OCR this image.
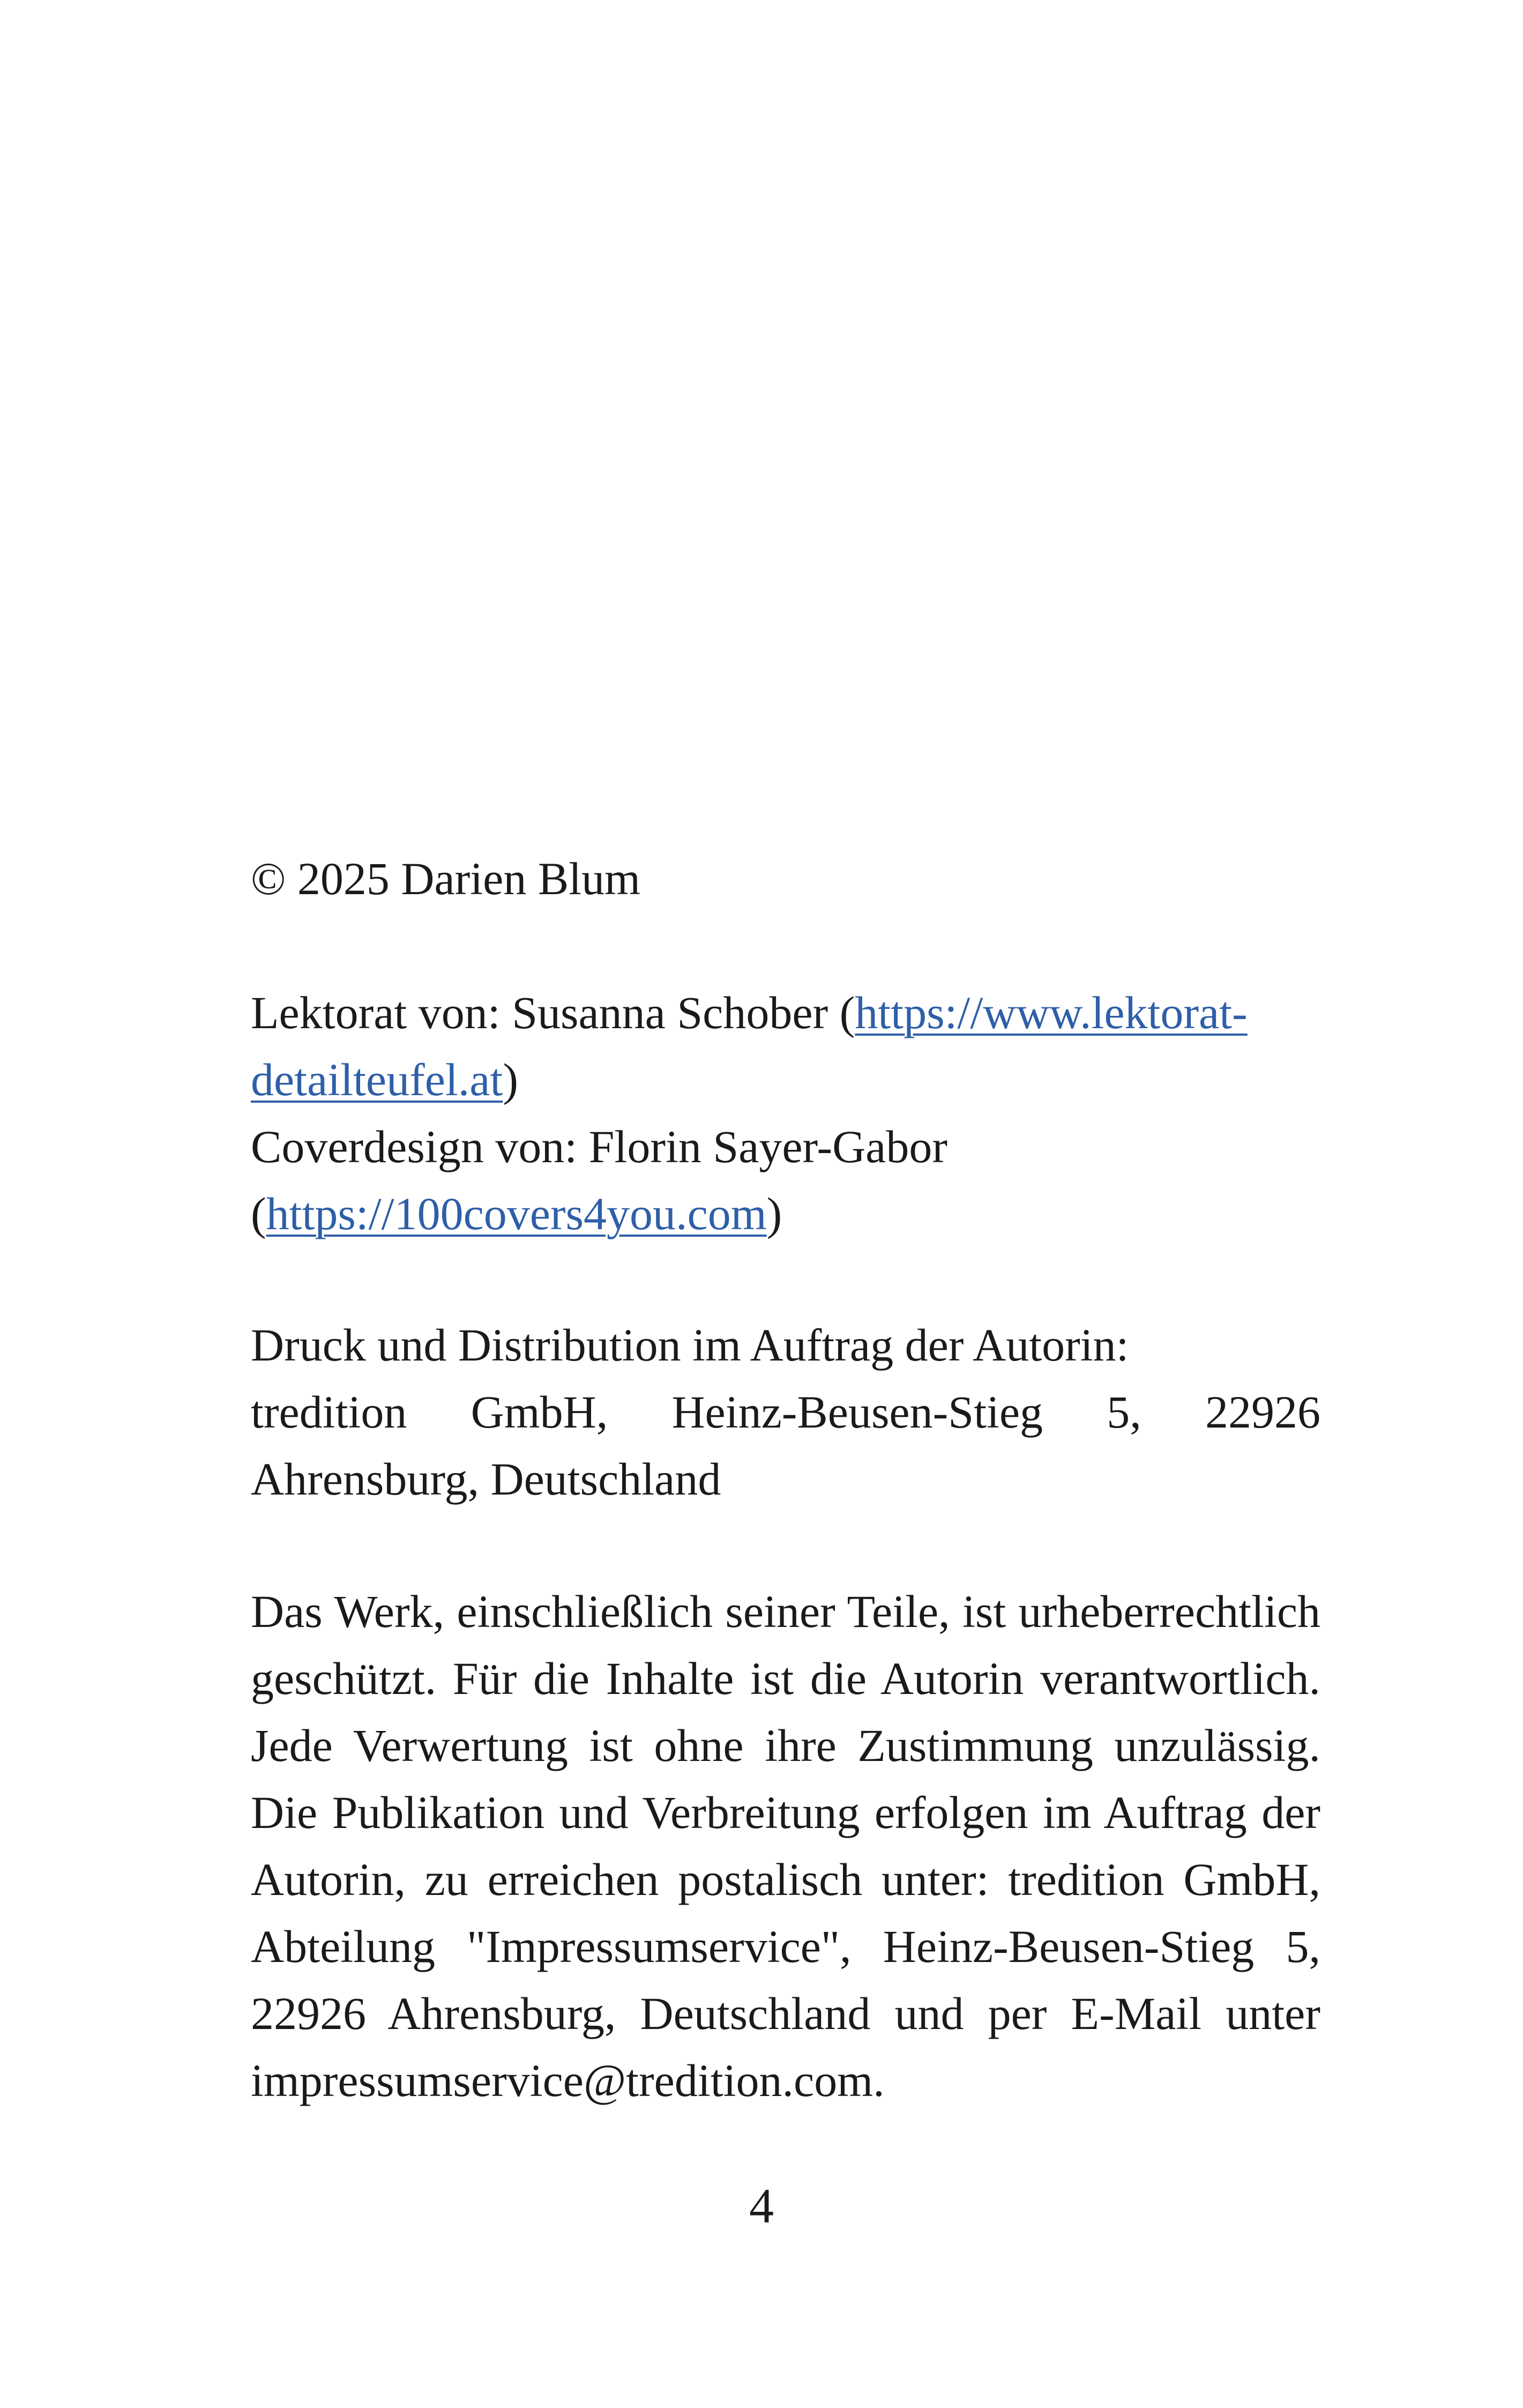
© 2025 Darien Blum

Lektorat von: Susanna Schober (https://www.lektorat-
detailteufel.at)
Coverdesign von: Florin Sayer-Gabor
(https://100covers4you.com)

Druck und Distribution im Auftrag der Autorin:
tredition GmbH, Heinz-Beusen-Stieg 5, 22926 Ahrensburg, Deutschland

Das Werk, einschließlich seiner Teile, ist urheberrechtlich geschützt. Für die Inhalte ist die Autorin verantwortlich. Jede Verwertung ist ohne ihre Zustimmung unzulässig. Die Publikation und Verbreitung erfolgen im Auftrag der Autorin, zu erreichen postalisch unter: tredition GmbH, Abteilung "Impressumservice", Heinz-Beusen-Stieg 5, 22926 Ahrensburg, Deutschland und per E-Mail unter impressumservice@tredition.com.

4
